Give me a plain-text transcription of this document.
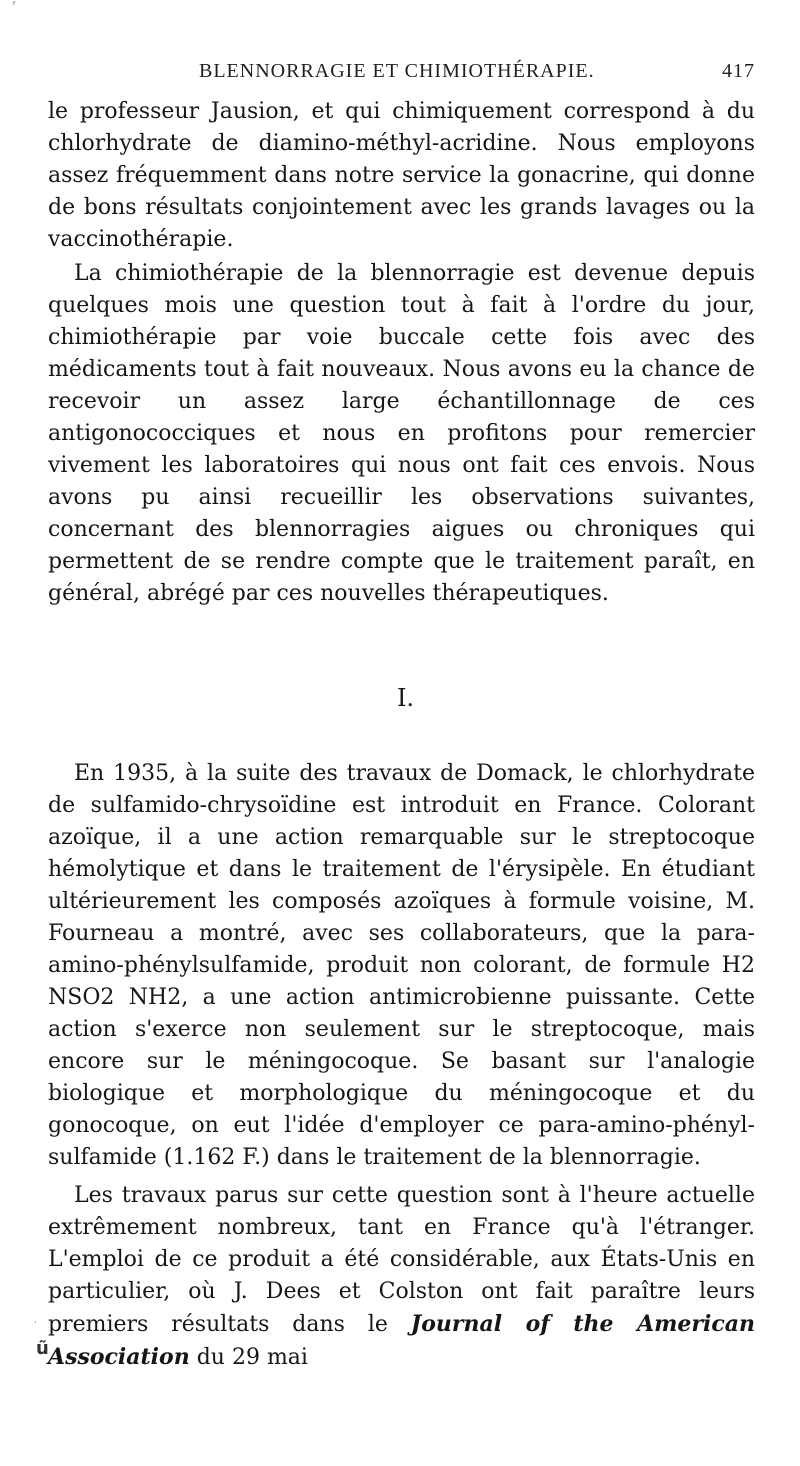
ʳ
·
ũ
BLENNORRAGIE ET CHIMIOTHÉRAPIE.	417

le professeur Jausion, et qui chimiquement correspond à du chlorhydrate de diamino-méthyl-acridine. Nous employons assez fréquemment dans notre service la gonacrine, qui donne de bons résultats conjointement avec les grands lavages ou la vaccinothérapie.

La chimiothérapie de la blennorragie est devenue depuis quelques mois une question tout à fait à l'ordre du jour, chimiothérapie par voie buccale cette fois avec des médicaments tout à fait nouveaux. Nous avons eu la chance de recevoir un assez large échantillonnage de ces antigonococciques et nous en profitons pour remercier vivement les laboratoires qui nous ont fait ces envois. Nous avons pu ainsi recueillir les observations suivantes, concernant des blennorragies aigues ou chroniques qui permettent de se rendre compte que le traitement paraît, en général, abrégé par ces nouvelles thérapeutiques.

I.

En 1935, à la suite des travaux de Domack, le chlorhydrate de sulfamido-chrysoïdine est introduit en France. Colorant azoïque, il a une action remarquable sur le streptocoque hémolytique et dans le traitement de l'érysipèle. En étudiant ultérieurement les composés azoïques à formule voisine, M. Fourneau a montré, avec ses collaborateurs, que la para-amino-phénylsulfamide, produit non colorant, de formule H2 NSO2 NH2, a une action antimicrobienne puissante. Cette action s'exerce non seulement sur le streptocoque, mais encore sur le méningocoque. Se basant sur l'analogie biologique et morphologique du méningocoque et du gonocoque, on eut l'idée d'employer ce para-amino-phényl-sulfamide (1.162 F.) dans le traitement de la blennorragie.

Les travaux parus sur cette question sont à l'heure actuelle extrêmement nombreux, tant en France qu'à l'étranger. L'emploi de ce produit a été considérable, aux États-Unis en particulier, où J. Dees et Colston ont fait paraître leurs premiers résultats dans le Journal of the American Association du 29 mai
